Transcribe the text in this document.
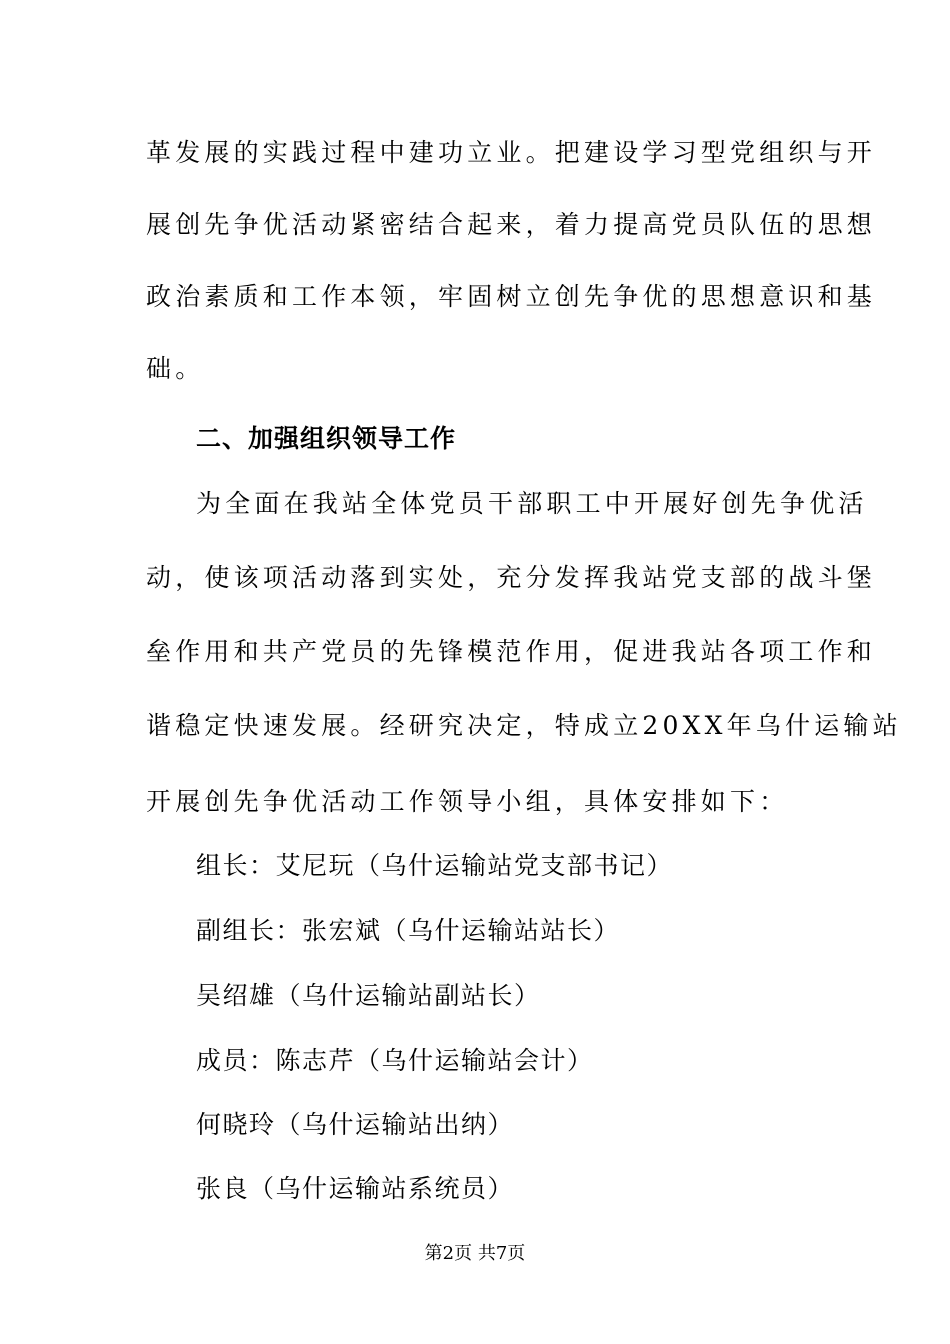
革发展的实践过程中建功立业。把建设学习型党组织与开
展创先争优活动紧密结合起来，着力提高党员队伍的思想
政治素质和工作本领，牢固树立创先争优的思想意识和基
础。
二、加强组织领导工作
为全面在我站全体党员干部职工中开展好创先争优活
动，使该项活动落到实处，充分发挥我站党支部的战斗堡
垒作用和共产党员的先锋模范作用，促进我站各项工作和
谐稳定快速发展。经研究决定，特成立20XX年乌什运输站
开展创先争优活动工作领导小组，具体安排如下：
组长：艾尼玩（乌什运输站党支部书记）
副组长：张宏斌（乌什运输站站长）
吴绍雄（乌什运输站副站长）
成员：陈志芹（乌什运输站会计）
何晓玲（乌什运输站出纳）
张良（乌什运输站系统员）
第2页 共7页
